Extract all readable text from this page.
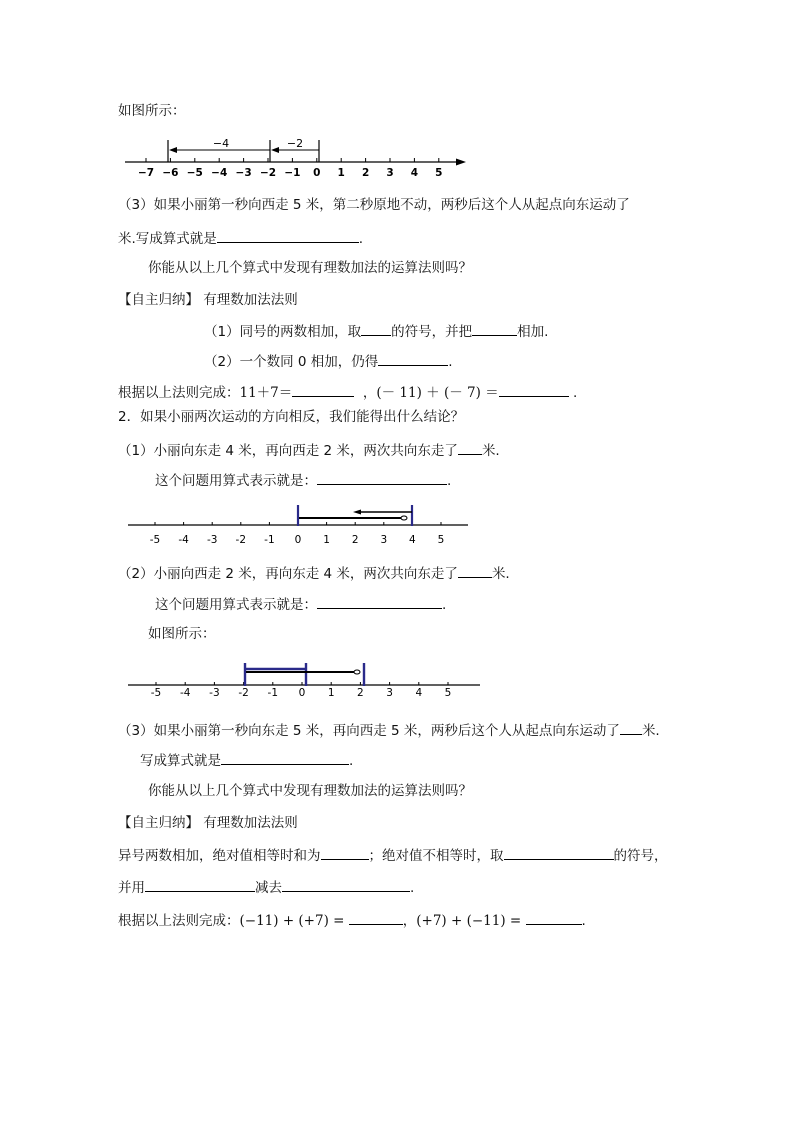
如图所示：
−7 −6 −5 −4 −3 −2 −1 0 1 2 3 4 5
−4	−2
（3）如果小丽第一秒向西走 5 米，第二秒原地不动，两秒后这个人从起点向东运动了
米.写成算式就是	.
你能从以上几个算式中发现有理数加法的运算法则吗？
【自主归纳】 有理数加法法则
（1）同号的两数相加，取 的符号，并把	相加.
（2）一个数同 0 相加，仍得	.
根据以上法则完成：11＋7＝	，(－ 11) ＋ (－ 7) ＝	.
2．如果小丽两次运动的方向相反，我们能得出什么结论？
（1）小丽向东走 4 米，再向西走 2 米，两次共向东走了 米.
这个问题用算式表示就是：	.
-5 -4 -3 -2 -1 0 1 2 3 4 5
（2）小丽向西走 2 米，再向东走 4 米，两次共向东走了	米.
这个问题用算式表示就是：	.
如图所示：
-5 -4 -3 -2 -1 0 1 2 3 4 5
（3）如果小丽第一秒向东走 5 米，再向西走 5 米，两秒后这个人从起点向东运动了 米.
写成算式就是	.
你能从以上几个算式中发现有理数加法的运算法则吗？
【自主归纳】 有理数加法法则
异号两数相加，绝对值相等时和为	；绝对值不相等时，取	的符号，
并用	减去	.
根据以上法则完成：(−11) + (+7) =	，(+7) + (−11) =	.
